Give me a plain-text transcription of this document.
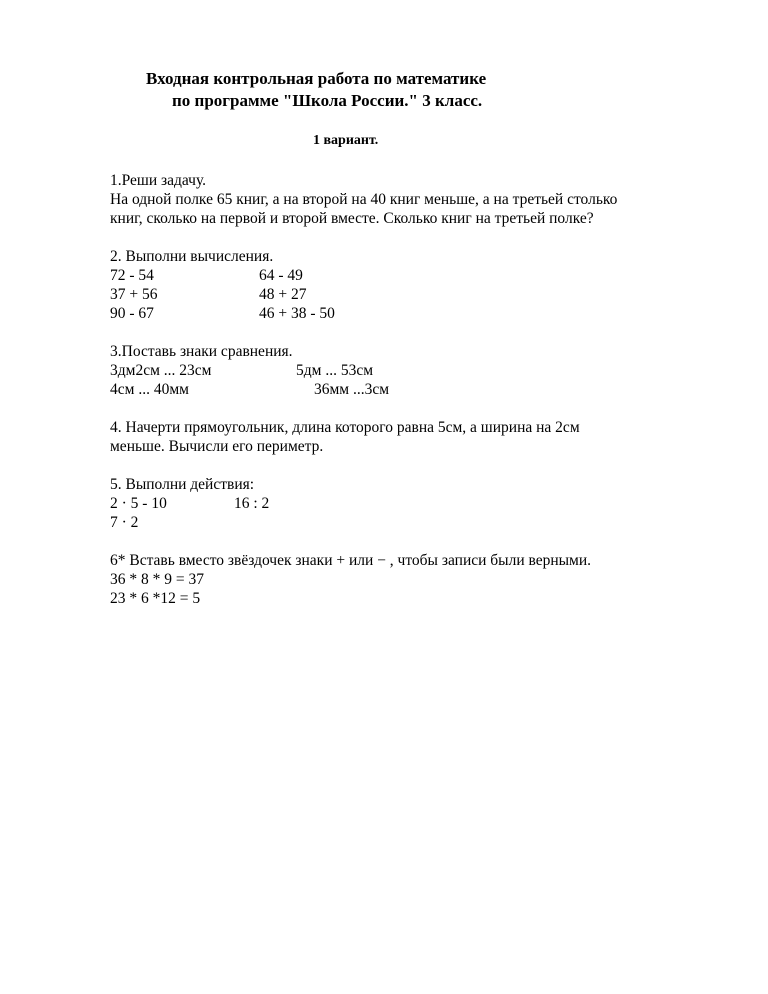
Входная контрольная работа по математике
по программе "Школа России." 3 класс.
1 вариант.
1.Реши задачу.
На одной полке 65 книг, а на второй на 40 книг меньше, а на третьей столько
книг, сколько на первой и второй вместе. Сколько книг на третьей полке?
2. Выполни вычисления.
72 - 54	64 - 49
37 + 56	48 + 27
90 - 67	46 + 38 - 50
3.Поставь знаки сравнения.
3дм2см ... 23см	5дм ... 53см
4см ... 40мм	36мм ...3см
4. Начерти прямоугольник, длина которого равна 5см, а ширина на 2см
меньше. Вычисли его периметр.
5. Выполни действия:
2 · 5 - 10	16 : 2
7 · 2
6* Вставь вместо звёздочек знаки + или − , чтобы записи были верными.
36 * 8 * 9 = 37
23 * 6 *12 = 5
